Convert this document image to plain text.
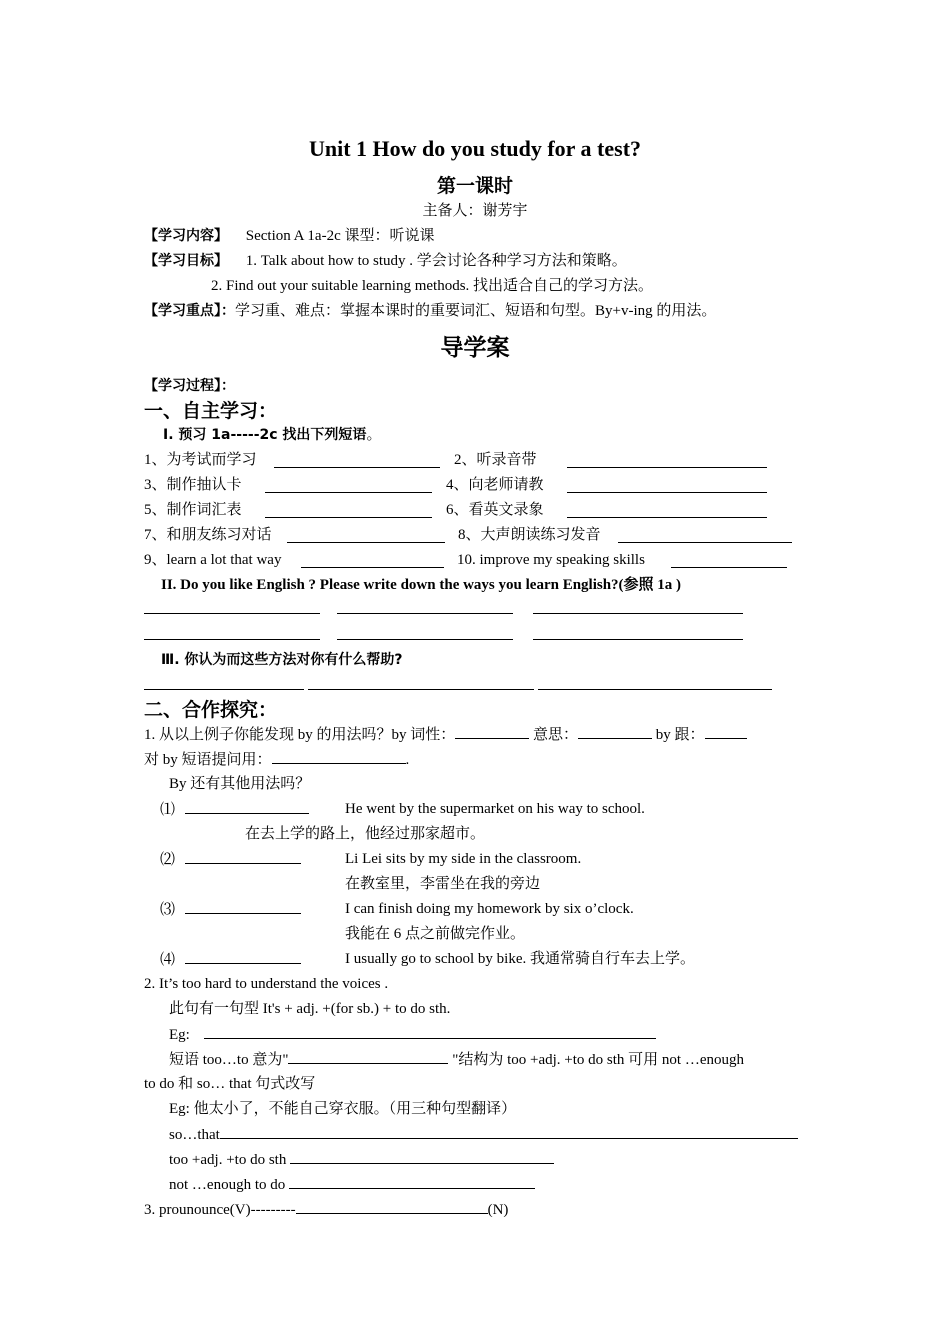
Unit 1 How do you study for a test?
第一课时
主备人：谢芳宇
【学习内容】 Section A 1a-2c 课型：听说课
【学习目标】 1. Talk about how to study . 学会讨论各种学习方法和策略。
2. Find out your suitable learning methods. 找出适合自己的学习方法。
【学习重点】：学习重、难点：掌握本课时的重要词汇、短语和句型。By+v-ing 的用法。
导学案
【学习过程】：
一、自主学习：
Ⅰ. 预习 1a-----2c 找出下列短语。
1、为考试而学习	2、听录音带
3、制作抽认卡	4、向老师请教
5、制作词汇表	6、看英文录象
7、和朋友练习对话	8、大声朗读练习发音
9、learn a lot that way	10. improve my speaking skills
II. Do you like English ? Please write down the ways you learn English?(参照 1a )
Ⅲ. 你认为而这些方法对你有什么帮助?
二、合作探究：
1. 从以上例子你能发现 by 的用法吗？by 词性：	意思：	by 跟：
对 by 短语提问用：	.
By 还有其他用法吗？
⑴	He went by the supermarket on his way to school.
在去上学的路上，他经过那家超市。
⑵	Li Lei sits by my side in the classroom.
在教室里，李雷坐在我的旁边
⑶	I can finish doing my homework by six o’clock.
我能在 6 点之前做完作业。
⑷	I usually go to school by bike. 我通常骑自行车去上学。
2. It’s too hard to understand the voices .
此句有一句型 It's + adj. +(for sb.) + to do sth.
Eg:
短语 too…to 意为"	"结构为 too +adj. +to do sth 可用 not …enough
to do 和 so… that 句式改写
Eg: 他太小了，不能自己穿衣服。（用三种句型翻译）
so…that
too +adj. +to do sth
not …enough to do
3. prounounce(V)---------	(N)
